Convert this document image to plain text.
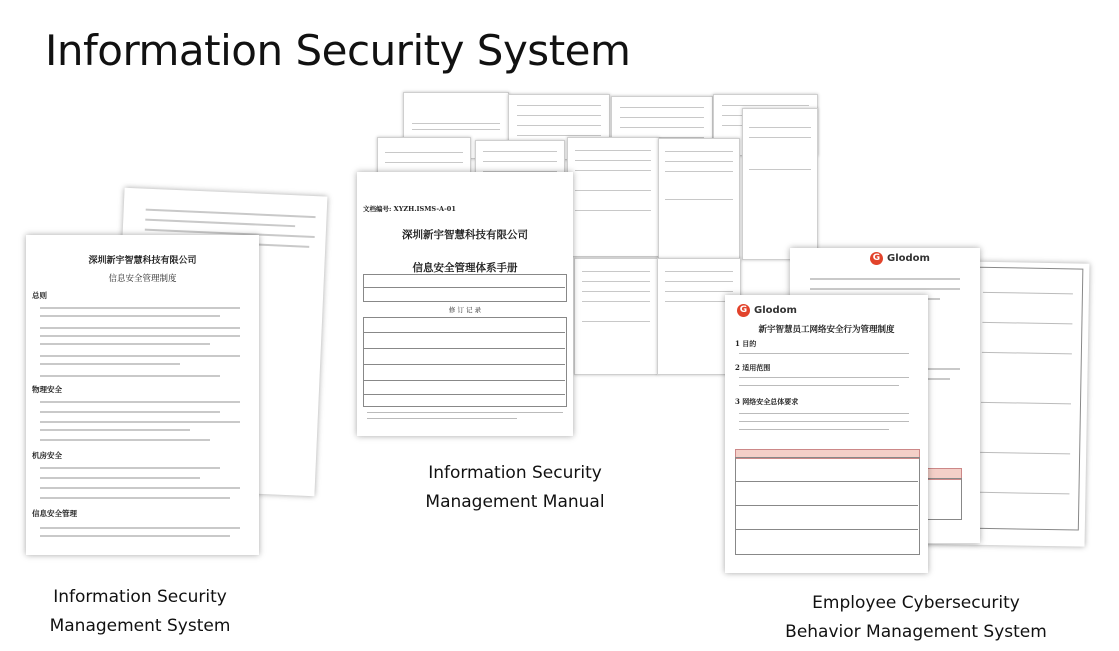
Information Security System
G Glodom
G Glodom
新宇智慧员工网络安全行为管理制度
1 目的
2 适用范围
3 网络安全总体要求
文档编号: XYZH.ISMS-A-01
深圳新宇智慧科技有限公司
信息安全管理体系手册
修 订 记 录
深圳新宇智慧科技有限公司
信息安全管理制度
总则
物理安全
机房安全
信息安全管理
Information Security
Management System
Information Security
Management Manual
Employee Cybersecurity
Behavior Management System
